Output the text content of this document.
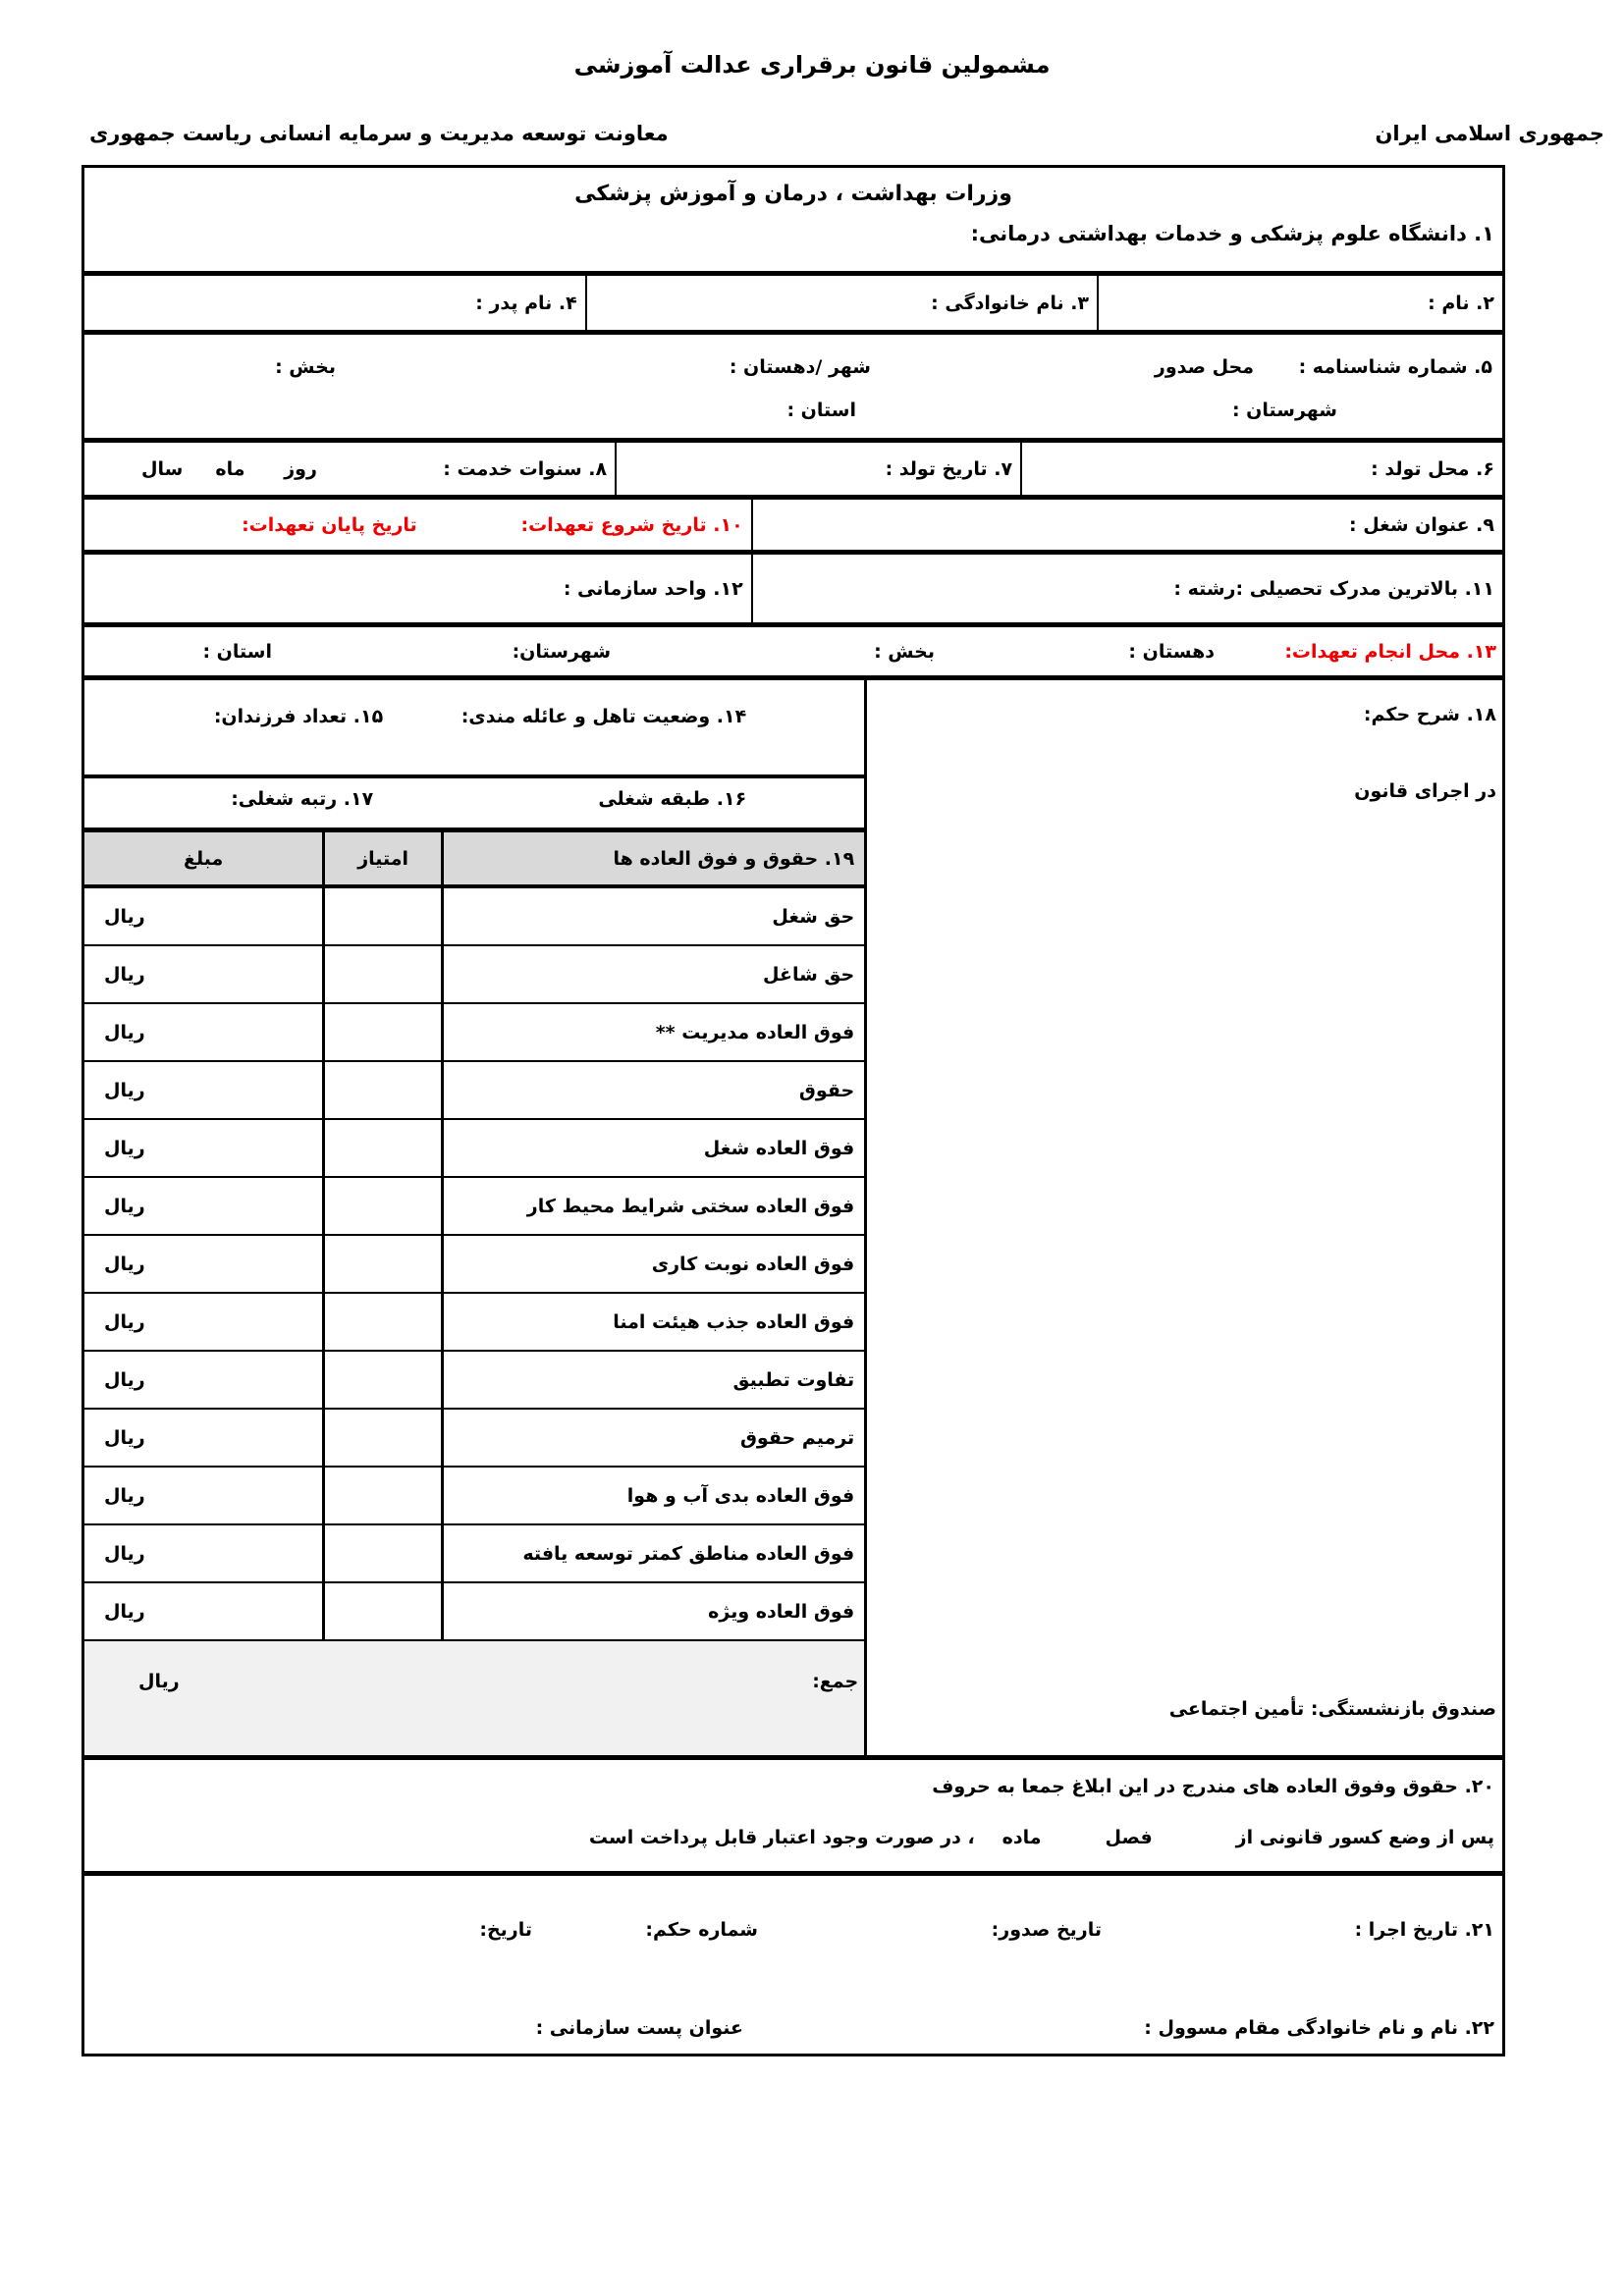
مشمولین قانون برقراری عدالت آموزشی
جمهوری اسلامی ایران
معاونت توسعه مدیریت و سرمایه انسانی ریاست جمهوری
وزرات بهداشت ، درمان و آموزش پزشکی
۱. دانشگاه علوم پزشکی و خدمات بهداشتی درمانی:
۲. نام :
۳. نام خانوادگی :
۴. نام پدر :
۵. شماره شناسنامه :
محل صدور
شهر /دهستان :
بخش :
شهرستان :
استان :
۶. محل تولد :
۷. تاریخ تولد :
۸. سنوات خدمت :
روز      ماه     سال
۹. عنوان شغل :
۱۰. تاریخ شروع تعهدات:
تاریخ پایان تعهدات:
۱۱. بالاترین مدرک تحصیلی :
رشته :
۱۲. واحد سازمانی :
۱۳. محل انجام تعهدات:
دهستان :
بخش :
شهرستان:
استان :
۱۸. شرح حکم:
در اجرای قانون
صندوق بازنشستگی: تأمین اجتماعی
۱۴. وضعیت تاهل و عائله مندی:
۱۵. تعداد فرزندان:
۱۶. طبقه شغلی
۱۷. رتبه شغلی:
۱۹. حقوق و فوق العاده ها
امتیاز
مبلغ
حق شغل
ریال
حق شاغل
ریال
فوق العاده مدیریت **
ریال
حقوق
ریال
فوق العاده شغل
ریال
فوق العاده سختی شرایط محیط کار
ریال
فوق العاده نوبت کاری
ریال
فوق العاده جذب هیئت امنا
ریال
تفاوت تطبیق
ریال
ترمیم حقوق
ریال
فوق العاده بدی آب و هوا
ریال
فوق العاده مناطق کمتر توسعه یافته
ریال
فوق العاده ویژه
ریال
جمع:
ریال
۲۰. حقوق وفوق العاده های مندرج در این ابلاغ جمعا به حروف
پس از وضع کسور قانونی از
فصل
ماده
، در صورت وجود اعتبار قابل پرداخت است
۲۱. تاریخ اجرا :
تاریخ صدور:
شماره حکم:
تاریخ:
۲۲. نام و نام خانوادگی مقام مسوول :
عنوان پست سازمانی :
